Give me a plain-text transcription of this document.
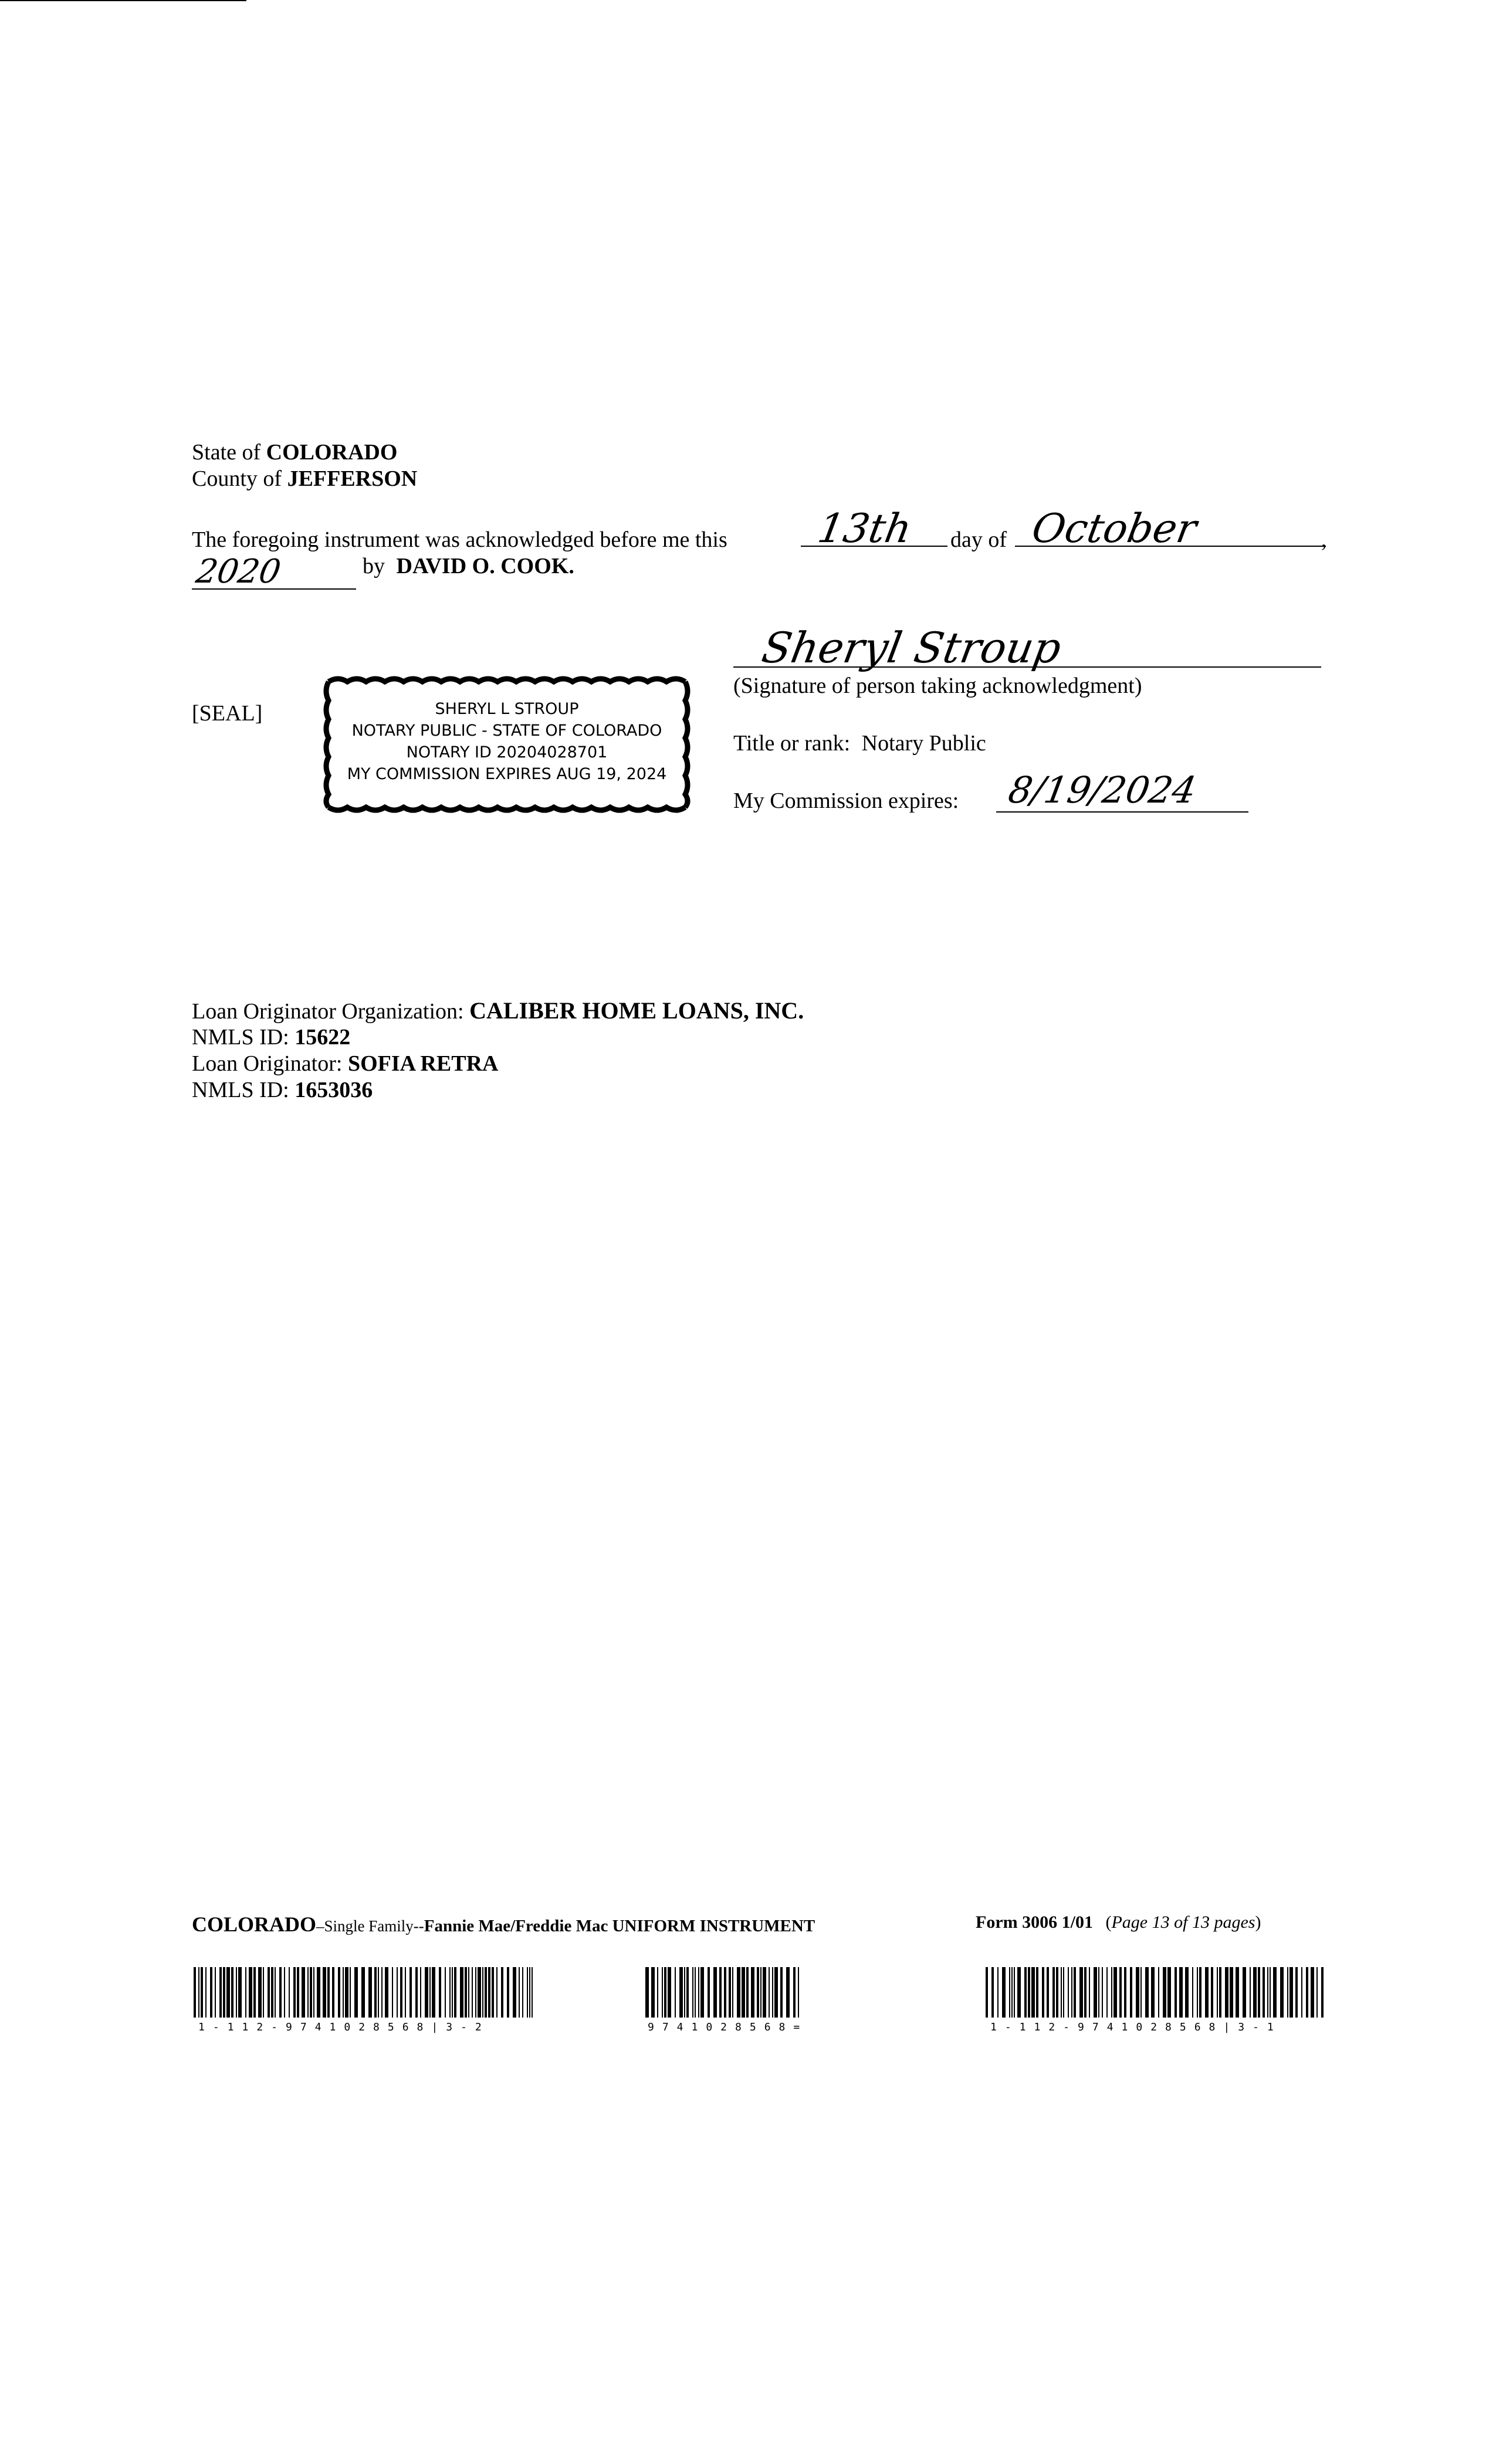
State of COLORADO
County of JEFFERSON
The foregoing instrument was acknowledged before me this 13th day of October	,
2020	by DAVID O. COOK.
[SEAL]	SHERYL L STROUP
NOTARY PUBLIC - STATE OF COLORADO
NOTARY ID 20204028701
MY COMMISSION EXPIRES AUG 19, 2024
Sheryl Stroup
(Signature of person taking acknowledgment)
Title or rank: Notary Public
My Commission expires: 8/19/2024
Loan Originator Organization: CALIBER HOME LOANS, INC.
NMLS ID: 15622
Loan Originator: SOFIA RETRA
NMLS ID: 1653036
COLORADO–Single Family--Fannie Mae/Freddie Mac UNIFORM INSTRUMENT	Form 3006 1/01 (Page 13 of 13 pages)
1-112-9741028568|3-2	9741028568=	1-112-9741028568|3-1
